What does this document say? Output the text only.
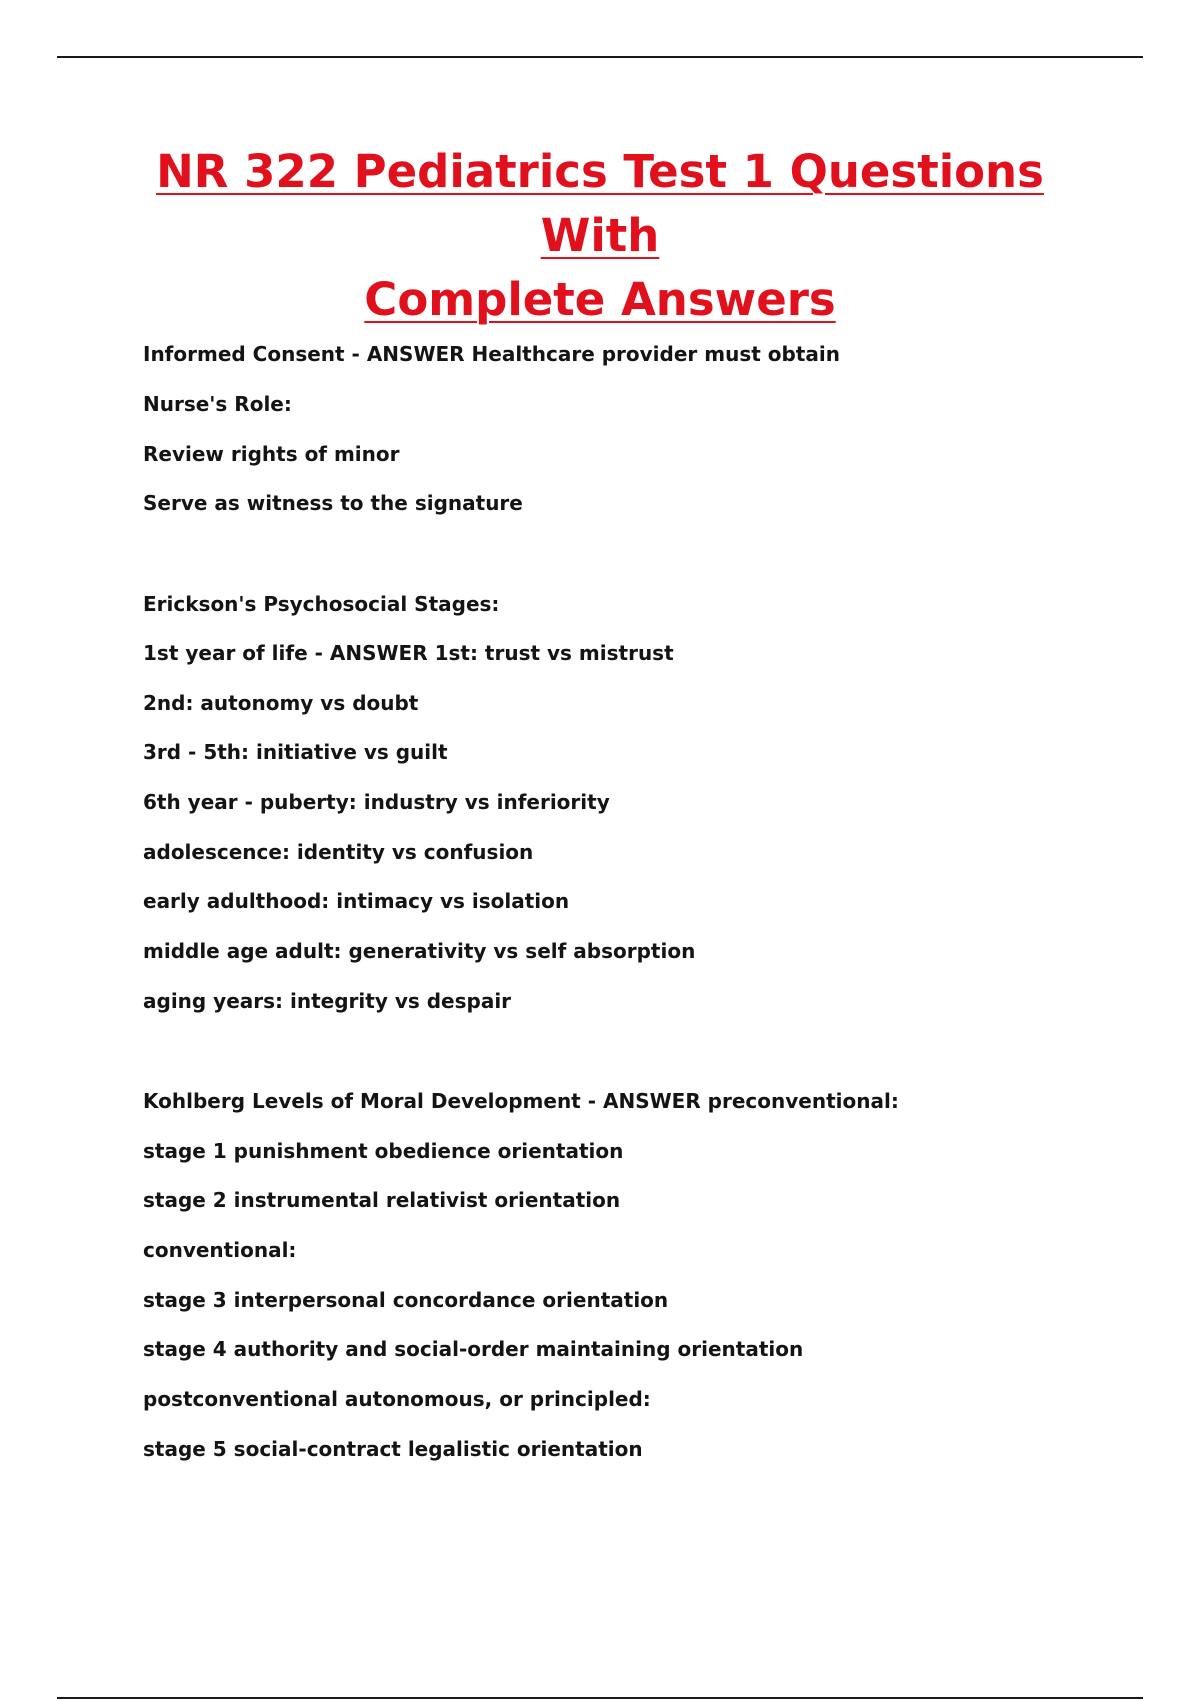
NR 322 Pediatrics Test 1 Questions With
Complete Answers

Informed Consent - ANSWER Healthcare provider must obtain

Nurse's Role:

Review rights of minor

Serve as witness to the signature

Erickson's Psychosocial Stages:

1st year of life - ANSWER 1st: trust vs mistrust

2nd: autonomy vs doubt

3rd - 5th: initiative vs guilt

6th year - puberty: industry vs inferiority

adolescence: identity vs confusion

early adulthood: intimacy vs isolation

middle age adult: generativity vs self absorption

aging years: integrity vs despair

Kohlberg Levels of Moral Development - ANSWER preconventional:

stage 1 punishment obedience orientation

stage 2 instrumental relativist orientation

conventional:

stage 3 interpersonal concordance orientation

stage 4 authority and social-order maintaining orientation

postconventional autonomous, or principled:

stage 5 social-contract legalistic orientation
